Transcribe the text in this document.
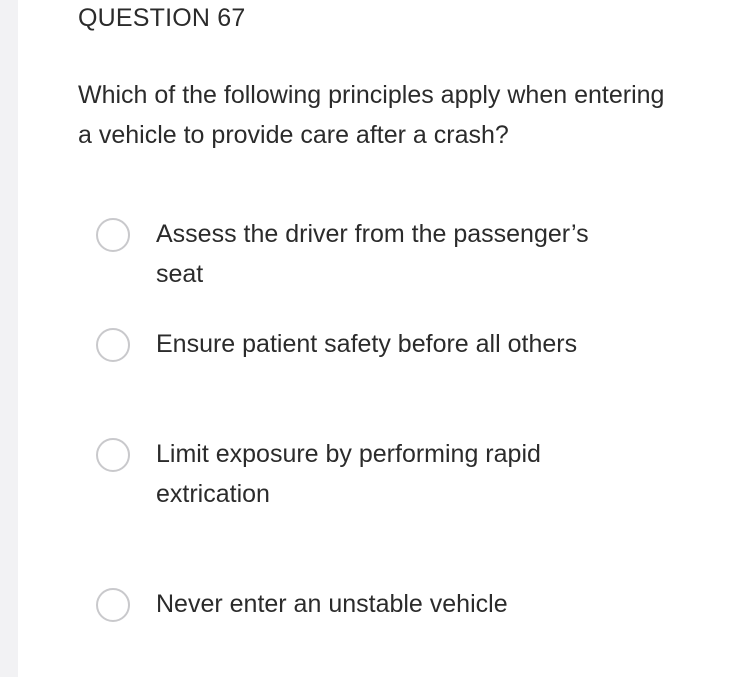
QUESTION 67

Which of the following principles apply when entering a vehicle to provide care after a crash?

Assess the driver from the passenger’s seat
Ensure patient safety before all others
Limit exposure by performing rapid extrication
Never enter an unstable vehicle
